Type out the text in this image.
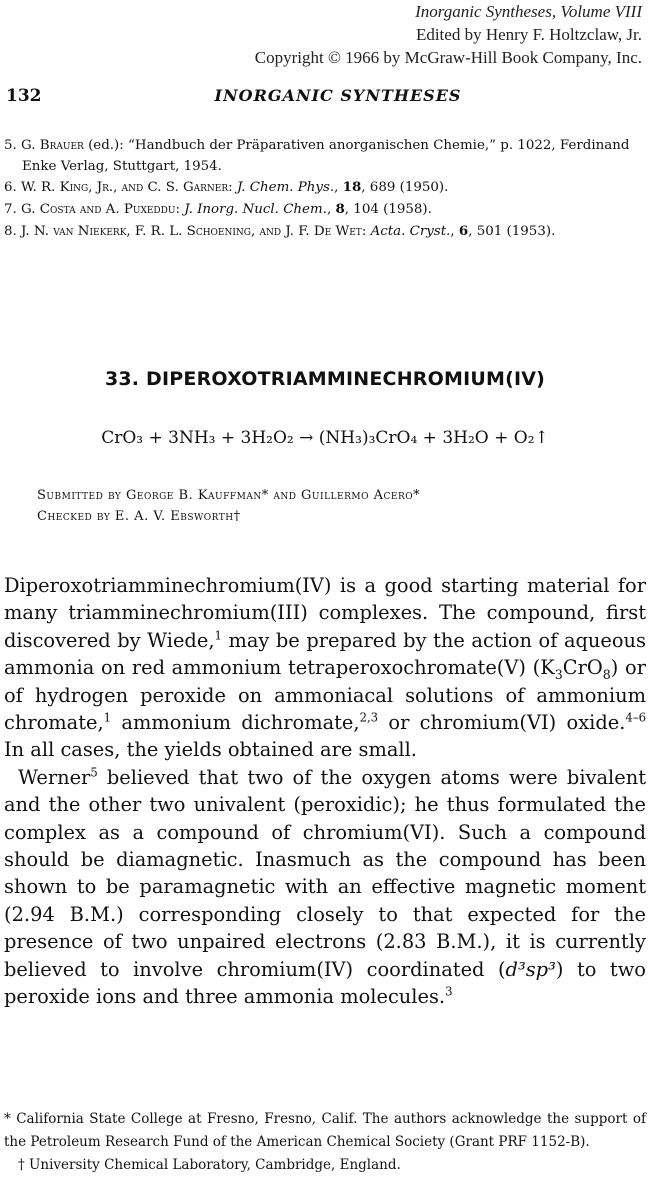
Inorganic Syntheses, Volume VIII
Edited by Henry F. Holtzclaw, Jr.
Copyright © 1966 by McGraw-Hill Book Company, Inc.
132	INORGANIC SYNTHESES
5. G. Brauer (ed.): “Handbuch der Präparativen anorganischen Chemie,” p. 1022, Ferdinand Enke Verlag, Stuttgart, 1954.
6. W. R. King, Jr., and C. S. Garner: J. Chem. Phys., 18, 689 (1950).
7. G. Costa and A. Puxeddu: J. Inorg. Nucl. Chem., 8, 104 (1958).
8. J. N. van Niekerk, F. R. L. Schoening, and J. F. De Wet: Acta. Cryst., 6, 501 (1953).
33. DIPEROXOTRIAMMINECHROMIUM(IV)
CrO₃ + 3NH₃ + 3H₂O₂ → (NH₃)₃CrO₄ + 3H₂O + O₂↑
Submitted by George B. Kauffman* and Guillermo Acero*
Checked by E. A. V. Ebsworth†

Diperoxotriamminechromium(IV) is a good starting material for many triamminechromium(III) complexes. The compound, first discovered by Wiede,$^1$ may be prepared by the action of aqueous ammonia on red ammonium tetraperoxochromate(V) $(K_3CrO_8)$ or of hydrogen peroxide on ammoniacal solutions of ammonium chromate,$^1$ ammonium dichromate,$^{2,3}$ or chromium(VI) oxide.$^{4-6}$ In all cases, the yields obtained are small.

Werner$^5$ believed that two of the oxygen atoms were bivalent and the other two univalent (peroxidic); he thus formulated the complex as a compound of chromium(VI). Such a compound should be diamagnetic. Inasmuch as the compound has been shown to be paramagnetic with an effective magnetic moment (2.94 B.M.) corresponding closely to that expected for the presence of two unpaired electrons (2.83 B.M.), it is currently believed to involve chromium(IV) coordinated (d³sp³) to two peroxide ions and three ammonia molecules.$^3$

* California State College at Fresno, Fresno, Calif. The authors acknowledge the support of the Petroleum Research Fund of the American Chemical Society (Grant PRF 1152-B).

† University Chemical Laboratory, Cambridge, England.
